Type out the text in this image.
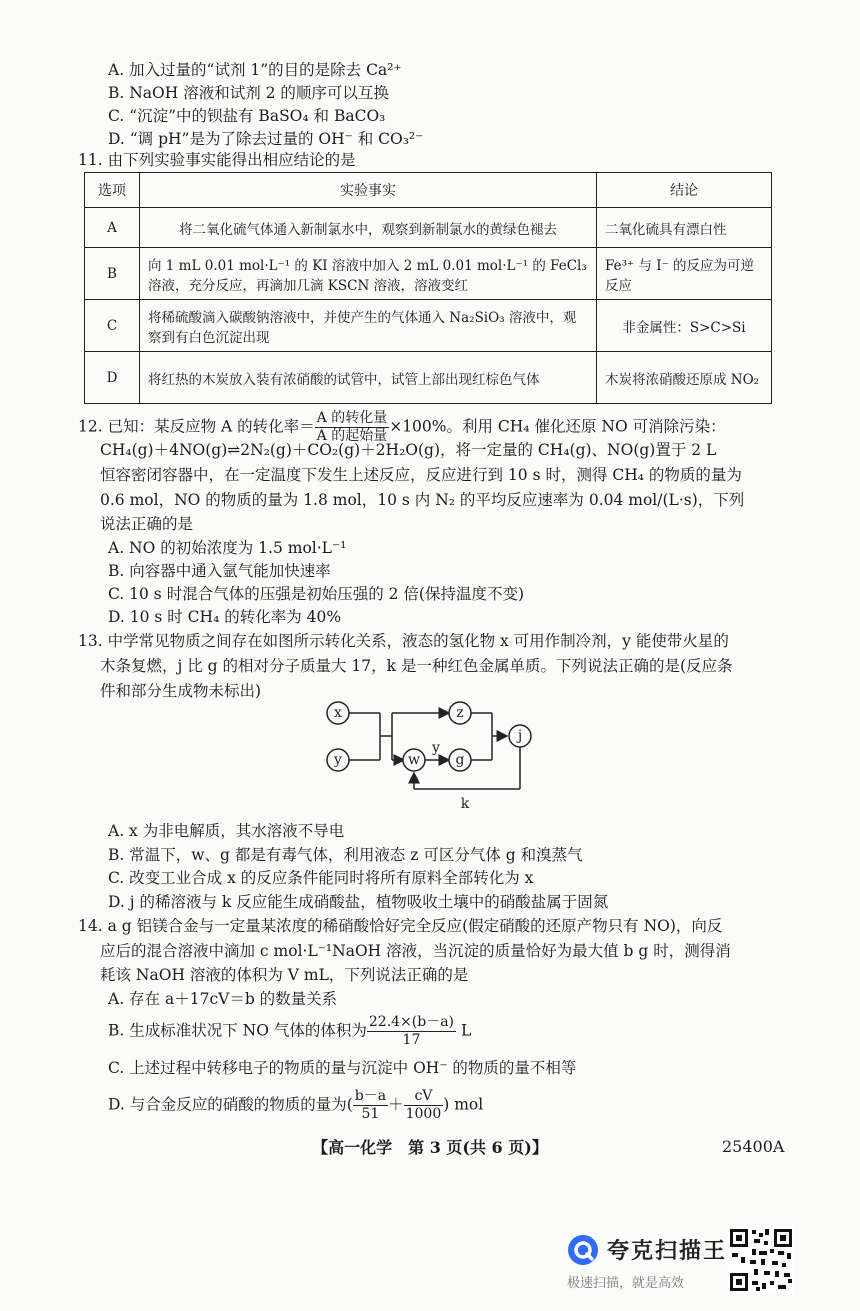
A. 加入过量的“试剂 1”的目的是除去 Ca²⁺
B. NaOH 溶液和试剂 2 的顺序可以互换
C. “沉淀”中的钡盐有 BaSO₄ 和 BaCO₃
D. “调 pH”是为了除去过量的 OH⁻ 和 CO₃²⁻
11. 由下列实验事实能得出相应结论的是
选项	实验事实	结论
A	将二氧化硫气体通入新制氯水中，观察到新制氯水的黄绿色褪去	二氧化硫具有漂白性
B	向 1 mL 0.01 mol·L⁻¹ 的 KI 溶液中加入 2 mL 0.01 mol·L⁻¹ 的 FeCl₃ 溶液，充分反应，再滴加几滴 KSCN 溶液，溶液变红	Fe³⁺ 与 I⁻ 的反应为可逆反应
C	将稀硫酸滴入碳酸钠溶液中，并使产生的气体通入 Na₂SiO₃ 溶液中，观察到有白色沉淀出现	非金属性：S>C>Si
D	将红热的木炭放入装有浓硝酸的试管中，试管上部出现红棕色气体	木炭将浓硝酸还原成 NO₂
12. 已知：某反应物 A 的转化率＝ $\frac{\text{A 的转化量}}{\text{A 的起始量}} \times 100\%$。利用 CH₄ 催化还原 NO 可消除污染：
CH₄(g)＋4NO(g)⇌2N₂(g)＋CO₂(g)＋2H₂O(g)，将一定量的 CH₄(g)、NO(g)置于 2 L
恒容密闭容器中，在一定温度下发生上述反应，反应进行到 10 s 时，测得 CH₄ 的物质的量为
0.6 mol，NO 的物质的量为 1.8 mol，10 s 内 N₂ 的平均反应速率为 0.04 mol/(L·s)，下列
说法正确的是
A. NO 的初始浓度为 1.5 mol·L⁻¹
B. 向容器中通入氩气能加快速率
C. 10 s 时混合气体的压强是初始压强的 2 倍(保持温度不变)
D. 10 s 时 CH₄ 的转化率为 40%
13. 中学常见物质之间存在如图所示转化关系，液态的氢化物 x 可用作制冷剂，y 能使带火星的
木条复燃，j 比 g 的相对分子质量大 17，k 是一种红色金属单质。下列说法正确的是(反应条
件和部分生成物未标出)
x
y
z
w	g
j
y
k
A. x 为非电解质，其水溶液不导电
B. 常温下，w、g 都是有毒气体，利用液态 z 可区分气体 g 和溴蒸气
C. 改变工业合成 x 的反应条件能同时将所有原料全部转化为 x
D. j 的稀溶液与 k 反应能生成硝酸盐，植物吸收土壤中的硝酸盐属于固氮
14. a g 铝镁合金与一定量某浓度的稀硝酸恰好完全反应(假定硝酸的还原产物只有 NO)，向反
应后的混合溶液中滴加 c mol·L⁻¹NaOH 溶液，当沉淀的质量恰好为最大值 b g 时，测得消
耗该 NaOH 溶液的体积为 V mL，下列说法正确的是
A. 存在 a＋17cV＝b 的数量关系
B. 生成标准状况下 NO 气体的体积为 $\frac{22.4\times(b-a)}{17}$ L
C. 上述过程中转移电子的物质的量与沉淀中 OH⁻ 的物质的量不相等
D. 与合金反应的硝酸的物质的量为( $\frac{b-a}{51} + \frac{cV}{1000}$ ) mol
【高一化学　第 3 页(共 6 页)】	25400A
夸克扫描王
极速扫描，就是高效
